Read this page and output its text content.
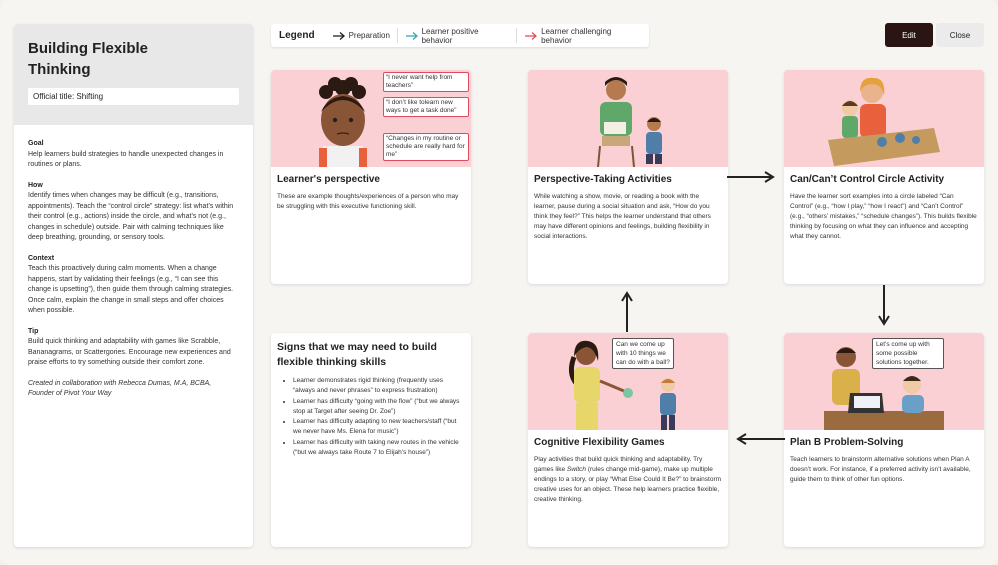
Building Flexible
Thinking
Official title: Shifting
Goal
Help learners build strategies to handle unexpected changes in routines or plans.
How
Identify times when changes may be difficult (e.g., transitions, appointments). Teach the “control circle” strategy: list what’s within their control (e.g., actions) inside the circle, and what’s not (e.g., changes in schedule) outside. Pair with calming techniques like deep breathing, grounding, or sensory tools.
Context
Teach this proactively during calm moments. When a change happens, start by validating their feelings (e.g., “I can see this change is upsetting”), then guide them through calming strategies. Once calm, explain the change in small steps and offer choices when possible.
Tip
Build quick thinking and adaptability with games like Scrabble, Bananagrams, or Scattergories. Encourage new experiences and praise efforts to try something outside their comfort zone.
Created in collaboration with Rebecca Dumas, M.A, BCBA, Founder of Pivot Your Way
Legend	Preparation	Learner positive behavior
Learner challenging behavior
Edit	Close
“I never want help from teachers”
“I don’t like tolearn new ways to get a task done”
“Changes in my routine or schedule are really hard for me”
Learner's perspective
These are example thoughts/experiences of a person who may be struggling with this executive functioning skill.
Perspective-Taking Activities
While watching a show, movie, or reading a book with the learner, pause during a social situation and ask, “How do you think they feel?” This helps the learner understand that others may have different opinions and feelings, building flexibility in social interactions.
Can/Can’t Control Circle Activity
Have the learner sort examples into a circle labeled “Can Control” (e.g., “how I play,” “how I react”) and “Can’t Control” (e.g., “others’ mistakes,” “schedule changes”). This builds flexible thinking by focusing on what they can influence and accepting what they cannot.
Signs that we may need to build flexible thinking skills
• Learner demonstrates rigid thinking (frequently uses “always and never phrases” to express frustration)
• Learner has difficulty “going with the flow” (“but we always stop at Target after seeing Dr. Zoe”)
• Learner has difficulty adapting to new teachers/staff (“but we never have Ms. Elena for music”)
• Learner has difficulty with taking new routes in the vehicle (“but we always take Route 7 to Elijah’s house”)
Can we come up with 10 things we can do with a ball?
Cognitive Flexibility Games
Play activities that build quick thinking and adaptability. Try games like Switch (rules change mid-game), make up multiple endings to a story, or play “What Else Could It Be?” to brainstorm creative uses for an object. These help learners practice flexible, creative thinking.
Let’s come up with some possible solutions together.
Plan B Problem-Solving
Teach learners to brainstorm alternative solutions when Plan A doesn’t work. For instance, if a preferred activity isn’t available, guide them to think of other fun options.
